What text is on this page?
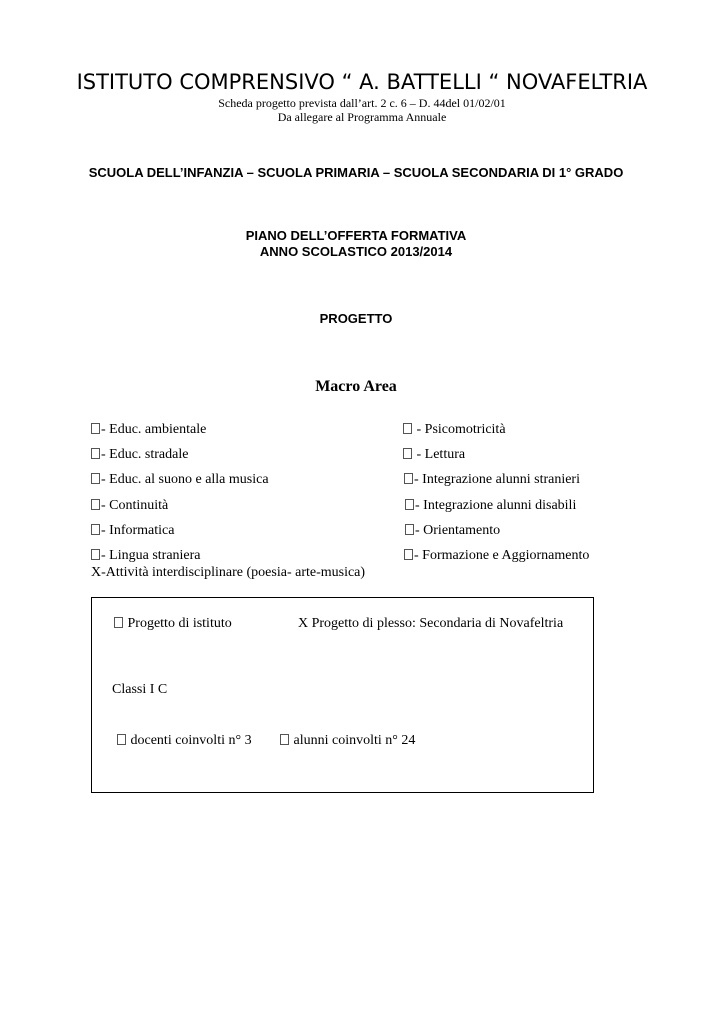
ISTITUTO COMPRENSIVO “ A. BATTELLI “ NOVAFELTRIA
Scheda progetto prevista dall’art. 2 c. 6 – D. 44del 01/02/01
Da allegare al Programma Annuale
SCUOLA DELL’INFANZIA – SCUOLA PRIMARIA – SCUOLA SECONDARIA DI 1° GRADO
PIANO DELL’OFFERTA FORMATIVA
ANNO SCOLASTICO 2013/2014
PROGETTO
Macro Area
- Educ. ambientale
- Educ. stradale
- Educ. al suono e alla musica
- Continuità
- Informatica
- Lingua straniera
X-Attività interdisciplinare (poesia- arte-musica)
- Psicomotricità
- Lettura
- Integrazione alunni stranieri
- Integrazione alunni disabili
- Orientamento
- Formazione e Aggiornamento
Progetto di istituto	X Progetto di plesso: Secondaria di Novafeltria
Classi I C
docenti coinvolti n° 3	alunni coinvolti n° 24
